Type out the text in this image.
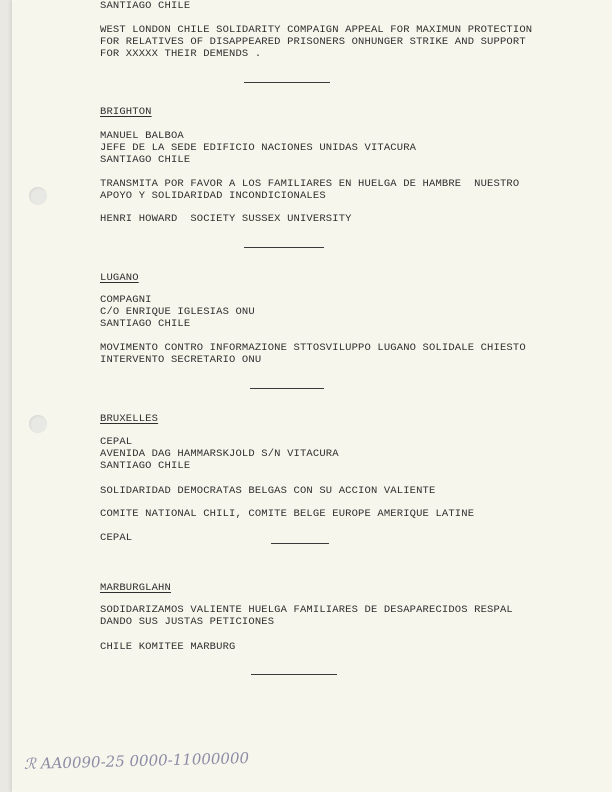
SANTIAGO CHILE
WEST LONDON CHILE SOLIDARITY COMPAIGN APPEAL FOR MAXIMUN PROTECTION
FOR RELATIVES OF DISAPPEARED PRISONERS ONHUNGER STRIKE AND SUPPORT
FOR XXXXX THEIR DEMENDS .
BRIGHTON
MANUEL BALBOA
JEFE DE LA SEDE EDIFICIO NACIONES UNIDAS VITACURA
SANTIAGO CHILE
TRANSMITA POR FAVOR A LOS FAMILIARES EN HUELGA DE HAMBRE  NUESTRO
APOYO Y SOLIDARIDAD INCONDICIONALES
HENRI HOWARD  SOCIETY SUSSEX UNIVERSITY
LUGANO
COMPAGNI
C/O ENRIQUE IGLESIAS ONU
SANTIAGO CHILE
MOVIMENTO CONTRO INFORMAZIONE STTOSVILUPPO LUGANO SOLIDALE CHIESTO
INTERVENTO SECRETARIO ONU
BRUXELLES
CEPAL
AVENIDA DAG HAMMARSKJOLD S/N VITACURA
SANTIAGO CHILE
SOLIDARIDAD DEMOCRATAS BELGAS CON SU ACCION VALIENTE
COMITE NATIONAL CHILI, COMITE BELGE EUROPE AMERIQUE LATINE
CEPAL
MARBURGLAHN
SODIDARIZAMOS VALIENTE HUELGA FAMILIARES DE DESAPARECIDOS RESPAL
DANDO SUS JUSTAS PETICIONES
CHILE KOMITEE MARBURG
ℛ AA0090-25 0000-11000000
